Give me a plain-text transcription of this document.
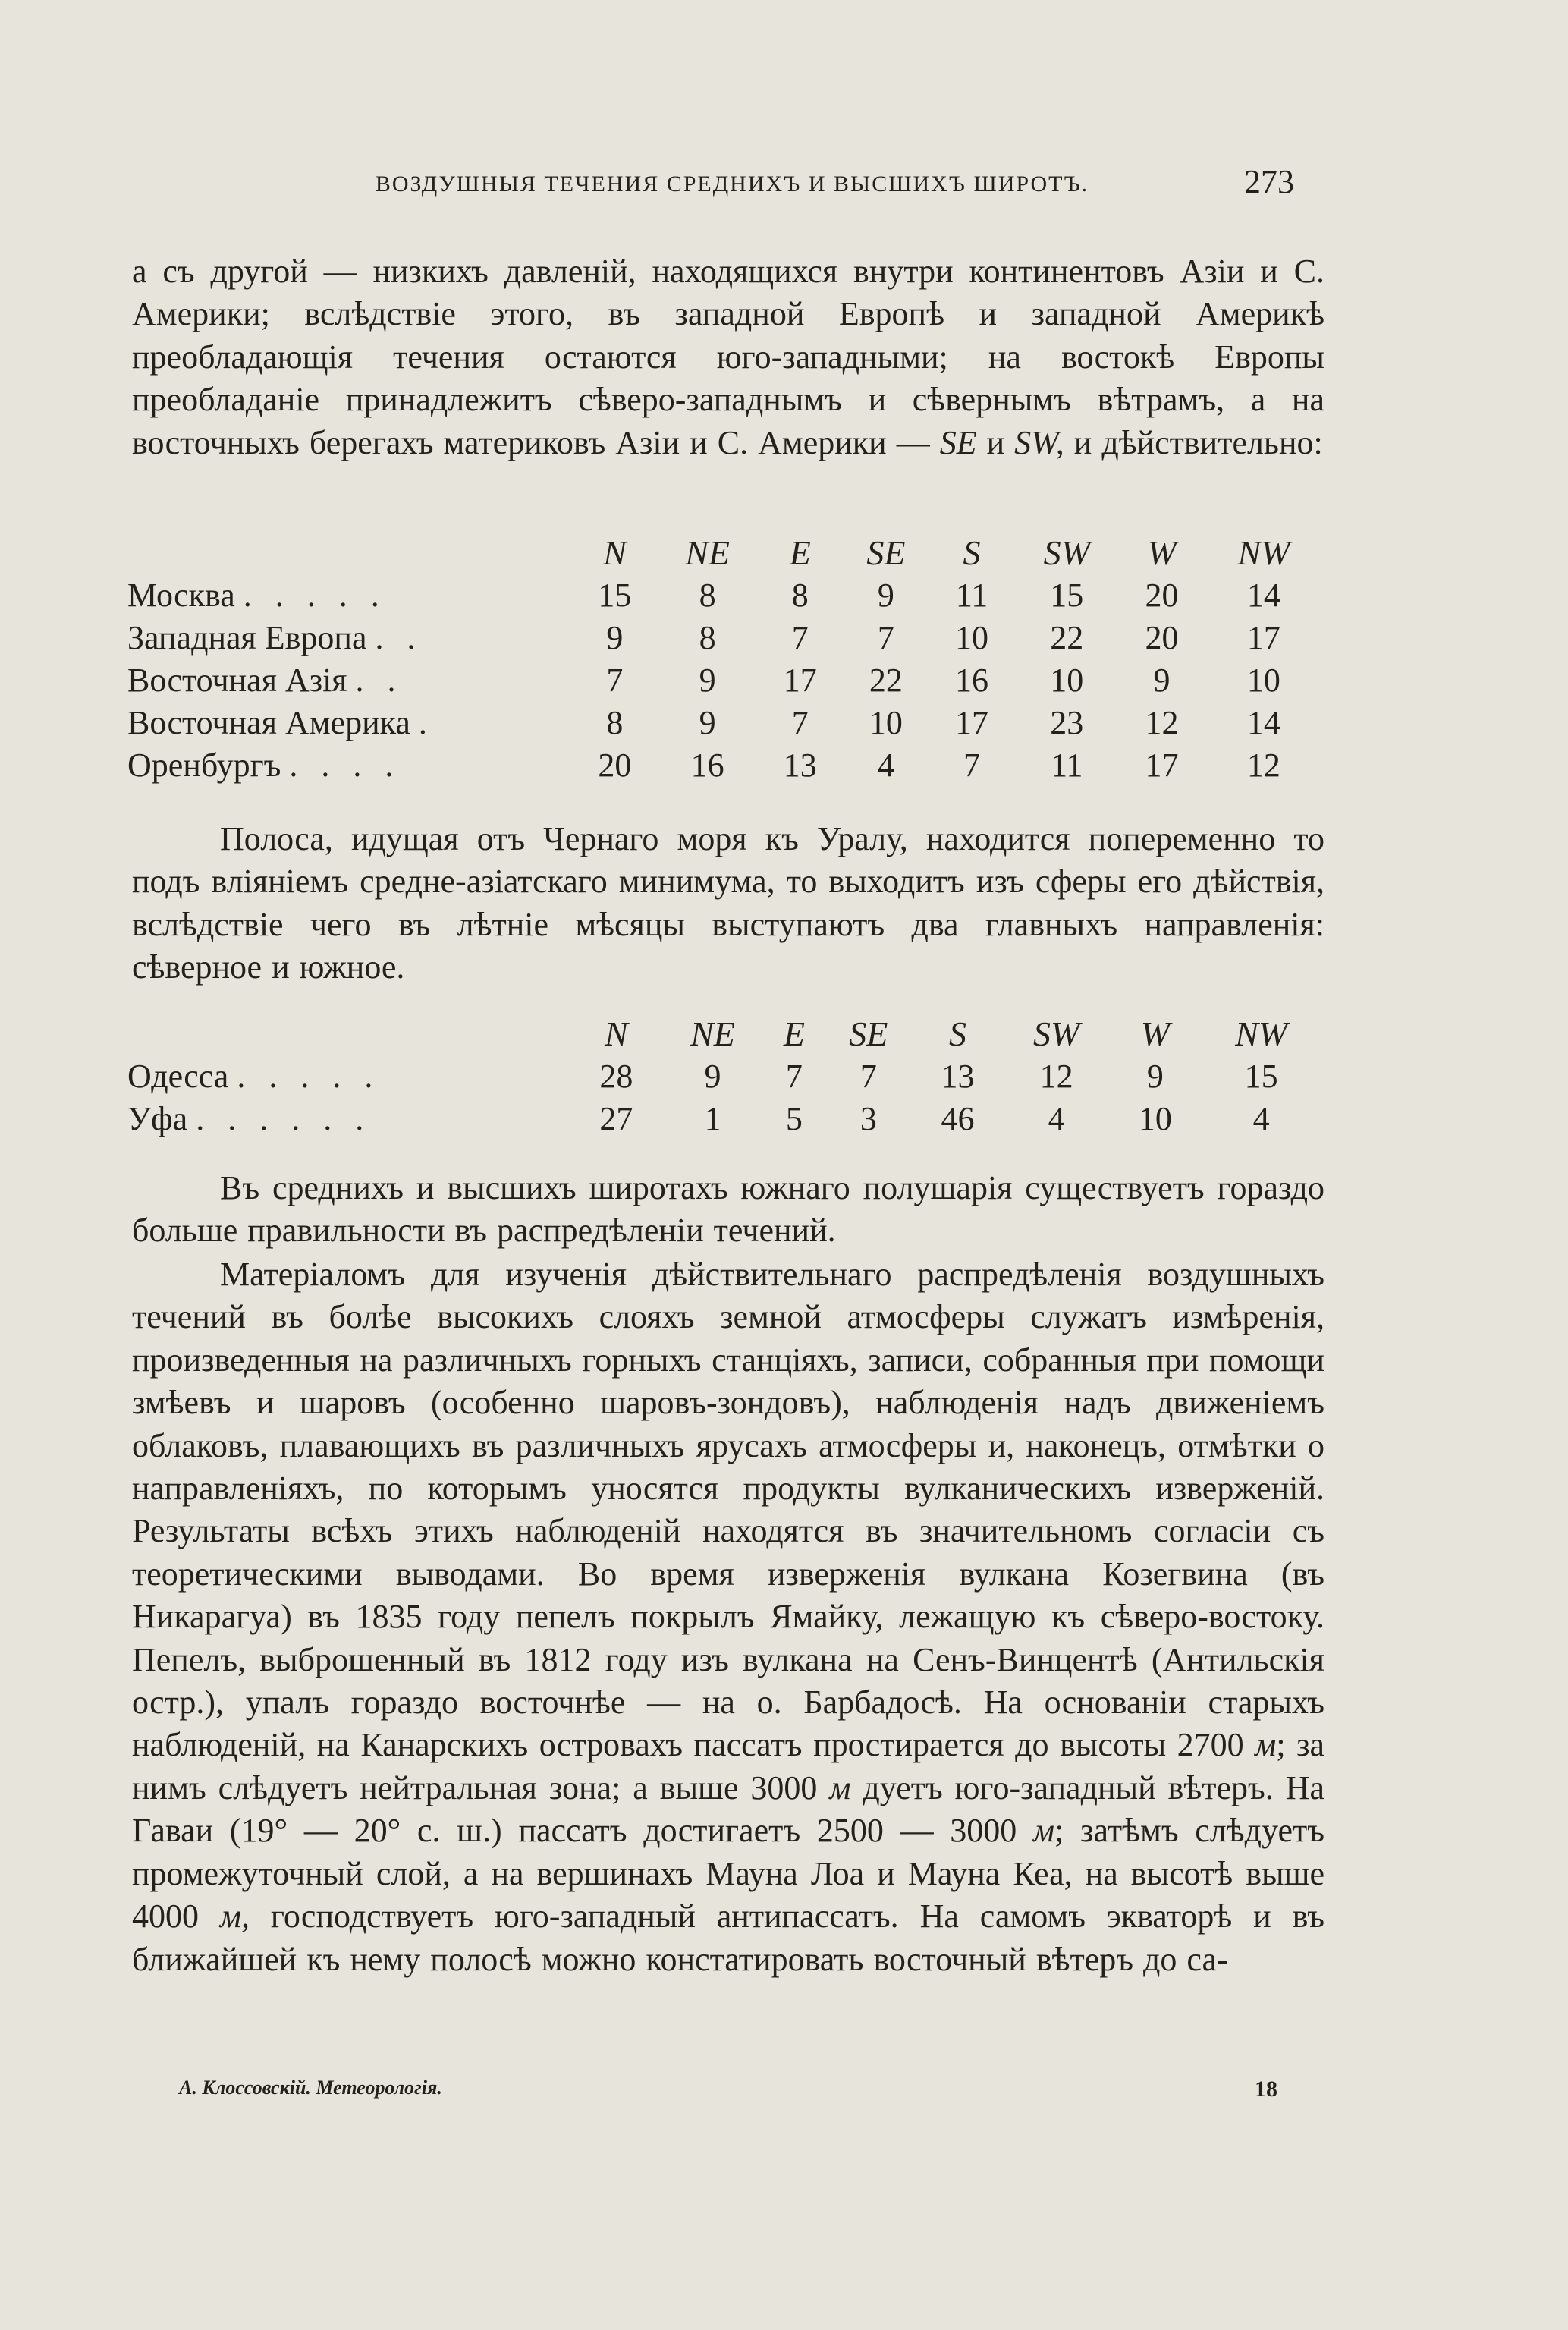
ВОЗДУШНЫЯ ТЕЧЕНИЯ СРЕДНИХЪ И ВЫСШИХЪ ШИРОТЪ.	273

а съ другой — низкихъ давленій, находящихся внутри континентовъ Азіи и С. Америки; вслѣдствіе этого, въ западной Европѣ и западной Америкѣ преобладающія течения остаются юго-западными; на востокѣ Европы преобладаніе принадлежитъ сѣверо-западнымъ и сѣвернымъ вѣтрамъ, а на восточныхъ берегахъ материковъ Азіи и С. Америки — SE и SW, и дѣйствительно:

	N	NE	E	SE	S	SW	W	NW
Москва . . . . .	15	8	8	9	11	15	20	14
Западная Европа . .	9	8	7	7	10	22	20	17
Восточная Азія . .	7	9	17	22	16	10	9	10
Восточная Америка .	8	9	7	10	17	23	12	14
Оренбургъ . . . .	20	16	13	4	7	11	17	12

Полоса, идущая отъ Чернаго моря къ Уралу, находится попеременно то подъ вліяніемъ средне-азіатскаго минимума, то выходитъ изъ сферы его дѣйствія, вслѣдствіе чего въ лѣтніе мѣсяцы выступаютъ два главныхъ направленія: сѣверное и южное.

	N	NE	E	SE	S	SW	W	NW
Одесса . . . . .	28	9	7	7	13	12	9	15
Уфа . . . . . .	27	1	5	3	46	4	10	4

Въ среднихъ и высшихъ широтахъ южнаго полушарія существуетъ гораздо больше правильности въ распредѣленіи течений.

Матеріаломъ для изученія дѣйствительнаго распредѣленія воздушныхъ течений въ болѣе высокихъ слояхъ земной атмосферы служатъ измѣренія, произведенныя на различныхъ горныхъ станціяхъ, записи, собранныя при помощи змѣевъ и шаровъ (особенно шаровъ-зондовъ), наблюденія надъ движеніемъ облаковъ, плавающихъ въ различныхъ ярусахъ атмосферы и, наконецъ, отмѣтки о направленіяхъ, по которымъ уносятся продукты вулканическихъ изверженій. Результаты всѣхъ этихъ наблюденій находятся въ значительномъ согласіи съ теоретическими выводами. Во время изверженія вулкана Козегвина (въ Никарагуа) въ 1835 году пепелъ покрылъ Ямайку, лежащую къ сѣверо-востоку. Пепелъ, выброшенный въ 1812 году изъ вулкана на Сенъ-Винцентѣ (Антильскія остр.), упалъ гораздо восточнѣе — на о. Барбадосѣ. На основаніи старыхъ наблюденій, на Канарскихъ островахъ пассатъ простирается до высоты 2700 м; за нимъ слѣдуетъ нейтральная зона; а выше 3000 м дуетъ юго-западный вѣтеръ. На Гаваи (19° — 20° с. ш.) пассатъ достигаетъ 2500 — 3000 м; затѣмъ слѣдуетъ промежуточный слой, а на вершинахъ Мауна Лоа и Мауна Кеа, на высотѣ выше 4000 м, господствуетъ юго-западный антипассатъ. На самомъ экваторѣ и въ ближайшей къ нему полосѣ можно констатировать восточный вѣтеръ до са-

А. Клоссовскій. Метеорологія.	18
